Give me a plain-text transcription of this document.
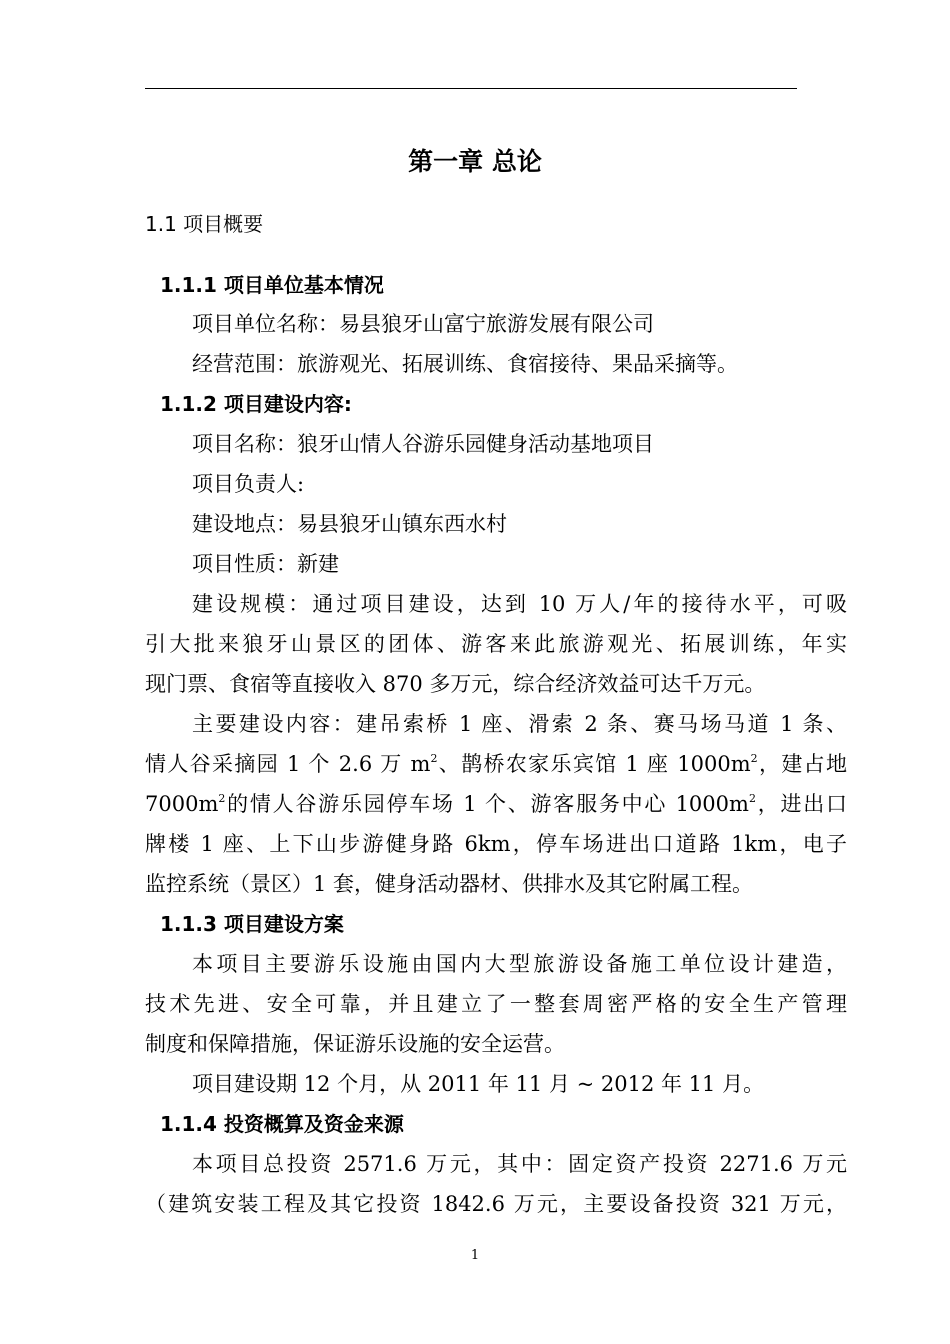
第一章 总论
1.1 项目概要
1.1.1 项目单位基本情况
项目单位名称：易县狼牙山富宁旅游发展有限公司
经营范围：旅游观光、拓展训练、食宿接待、果品采摘等。
1.1.2 项目建设内容:
项目名称：狼牙山情人谷游乐园健身活动基地项目
项目负责人:
建设地点：易县狼牙山镇东西水村
项目性质：新建
建设规模：通过项目建设，达到 10 万人/年的接待水平，可吸
引大批来狼牙山景区的团体、游客来此旅游观光、拓展训练，年实
现门票、食宿等直接收入 870 多万元，综合经济效益可达千万元。
主要建设内容：建吊索桥 1 座、滑索 2 条、赛马场马道 1 条、
情人谷采摘园 1 个 2.6 万 $m^2$、鹊桥农家乐宾馆 1 座 $1000m^2$，建占地
$7000m^2$的情人谷游乐园停车场 1 个、游客服务中心 $1000m^2$，进出口
牌楼 1 座、上下山步游健身路 6km，停车场进出口道路 1km，电子
监控系统（景区）1 套，健身活动器材、供排水及其它附属工程。
1.1.3 项目建设方案
本项目主要游乐设施由国内大型旅游设备施工单位设计建造，
技术先进、安全可靠，并且建立了一整套周密严格的安全生产管理
制度和保障措施，保证游乐设施的安全运营。
项目建设期 12 个月，从 2011 年 11 月 ~ 2012 年 11 月。
1.1.4 投资概算及资金来源
本项目总投资 2571.6 万元，其中：固定资产投资 2271.6 万元
（建筑安装工程及其它投资 1842.6 万元，主要设备投资 321 万元，
1
